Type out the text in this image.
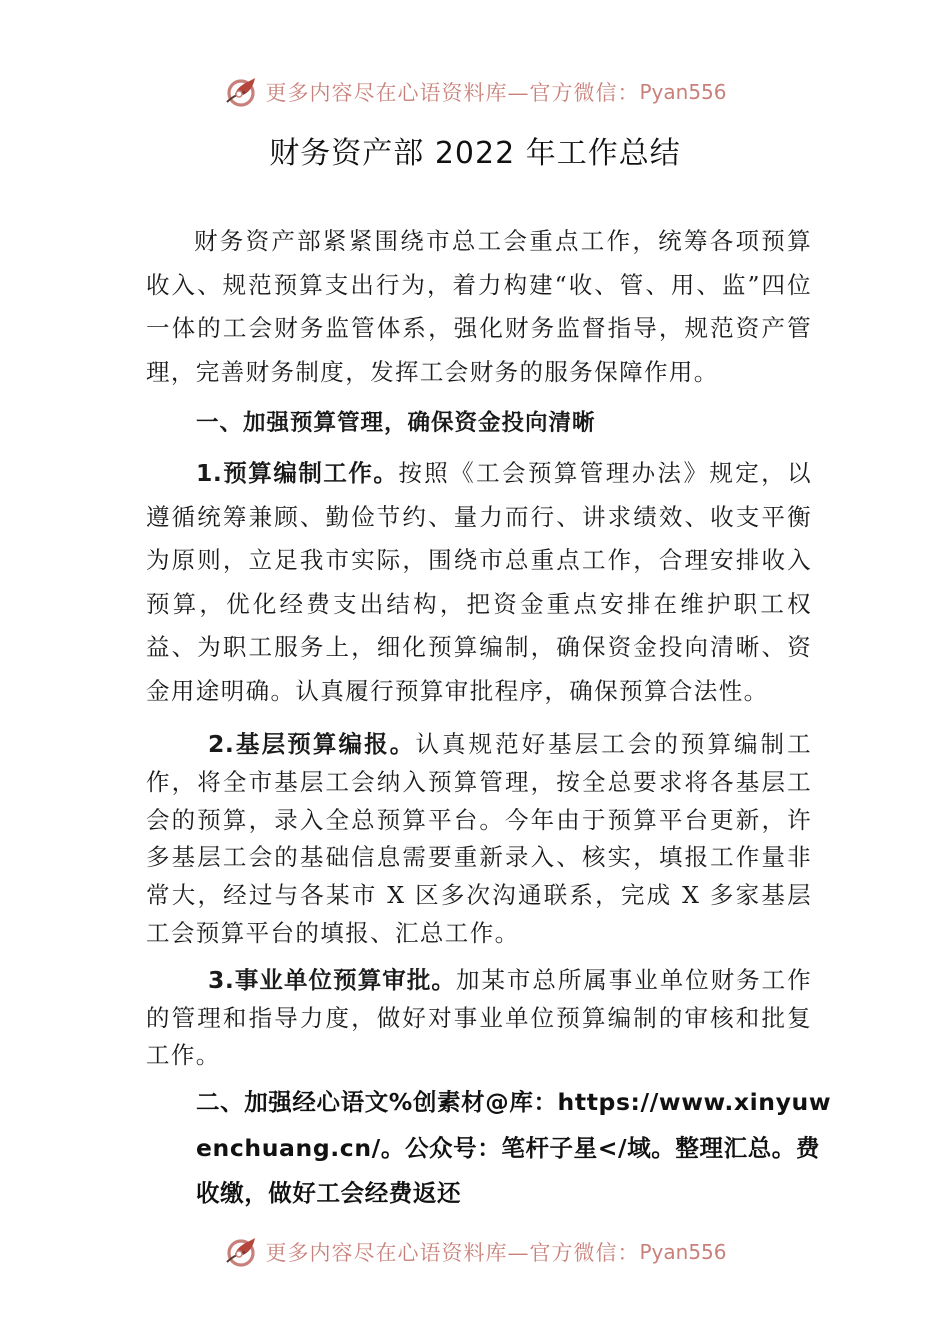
更多内容尽在心语资料库—官方微信： Pyan556
财务资产部 2022 年工作总结

财务资产部紧紧围绕市总工会重点工作，统筹各项预算收入、规范预算支出行为，着力构建“收、管、用、监”四位一体的工会财务监管体系，强化财务监督指导，规范资产管理，完善财务制度，发挥工会财务的服务保障作用。

一、加强预算管理，确保资金投向清晰

1.预算编制工作。按照《工会预算管理办法》规定，以遵循统筹兼顾、勤俭节约、量力而行、讲求绩效、收支平衡为原则，立足我市实际，围绕市总重点工作，合理安排收入预算，优化经费支出结构，把资金重点安排在维护职工权益、为职工服务上，细化预算编制，确保资金投向清晰、资金用途明确。认真履行预算审批程序，确保预算合法性。

2.基层预算编报。认真规范好基层工会的预算编制工作，将全市基层工会纳入预算管理，按全总要求将各基层工会的预算，录入全总预算平台。今年由于预算平台更新，许 多基层工会的基础信息需要重新录入、核实，填报工作量非常大，经过与各某市 X 区多次沟通联系，完成 X 多家基层工会预算平台的填报、汇总工作。

3.事业单位预算审批。加某市总所属事业单位财务工作的管理和指导力度，做好对事业单位预算编制的审核和批复工作。

二、加强经心语文%创素材@库：https://www.xinyuwenchuang.cn/。公众号：笔杆子星</域。整理汇总。费收缴，做好工会经费返还

更多内容尽在心语资料库—官方微信： Pyan556
